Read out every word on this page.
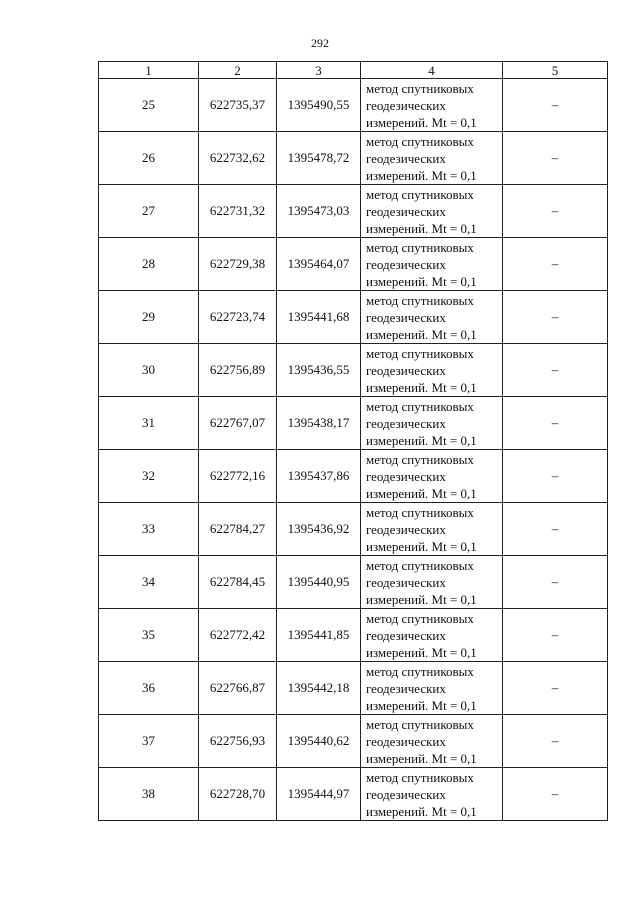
292
1	2	3	4	5
25	622735,37	1395490,55	метод спутниковых
геодезических
измерений. Mt = 0,1	–
26	622732,62	1395478,72	метод спутниковых
геодезических
измерений. Mt = 0,1	–
27	622731,32	1395473,03	метод спутниковых
геодезических
измерений. Mt = 0,1	–
28	622729,38	1395464,07	метод спутниковых
геодезических
измерений. Mt = 0,1	–
29	622723,74	1395441,68	метод спутниковых
геодезических
измерений. Mt = 0,1	–
30	622756,89	1395436,55	метод спутниковых
геодезических
измерений. Mt = 0,1	–
31	622767,07	1395438,17	метод спутниковых
геодезических
измерений. Mt = 0,1	–
32	622772,16	1395437,86	метод спутниковых
геодезических
измерений. Mt = 0,1	–
33	622784,27	1395436,92	метод спутниковых
геодезических
измерений. Mt = 0,1	–
34	622784,45	1395440,95	метод спутниковых
геодезических
измерений. Mt = 0,1	–
35	622772,42	1395441,85	метод спутниковых
геодезических
измерений. Mt = 0,1	–
36	622766,87	1395442,18	метод спутниковых
геодезических
измерений. Mt = 0,1	–
37	622756,93	1395440,62	метод спутниковых
геодезических
измерений. Mt = 0,1	–
38	622728,70	1395444,97	метод спутниковых
геодезических
измерений. Mt = 0,1	–
